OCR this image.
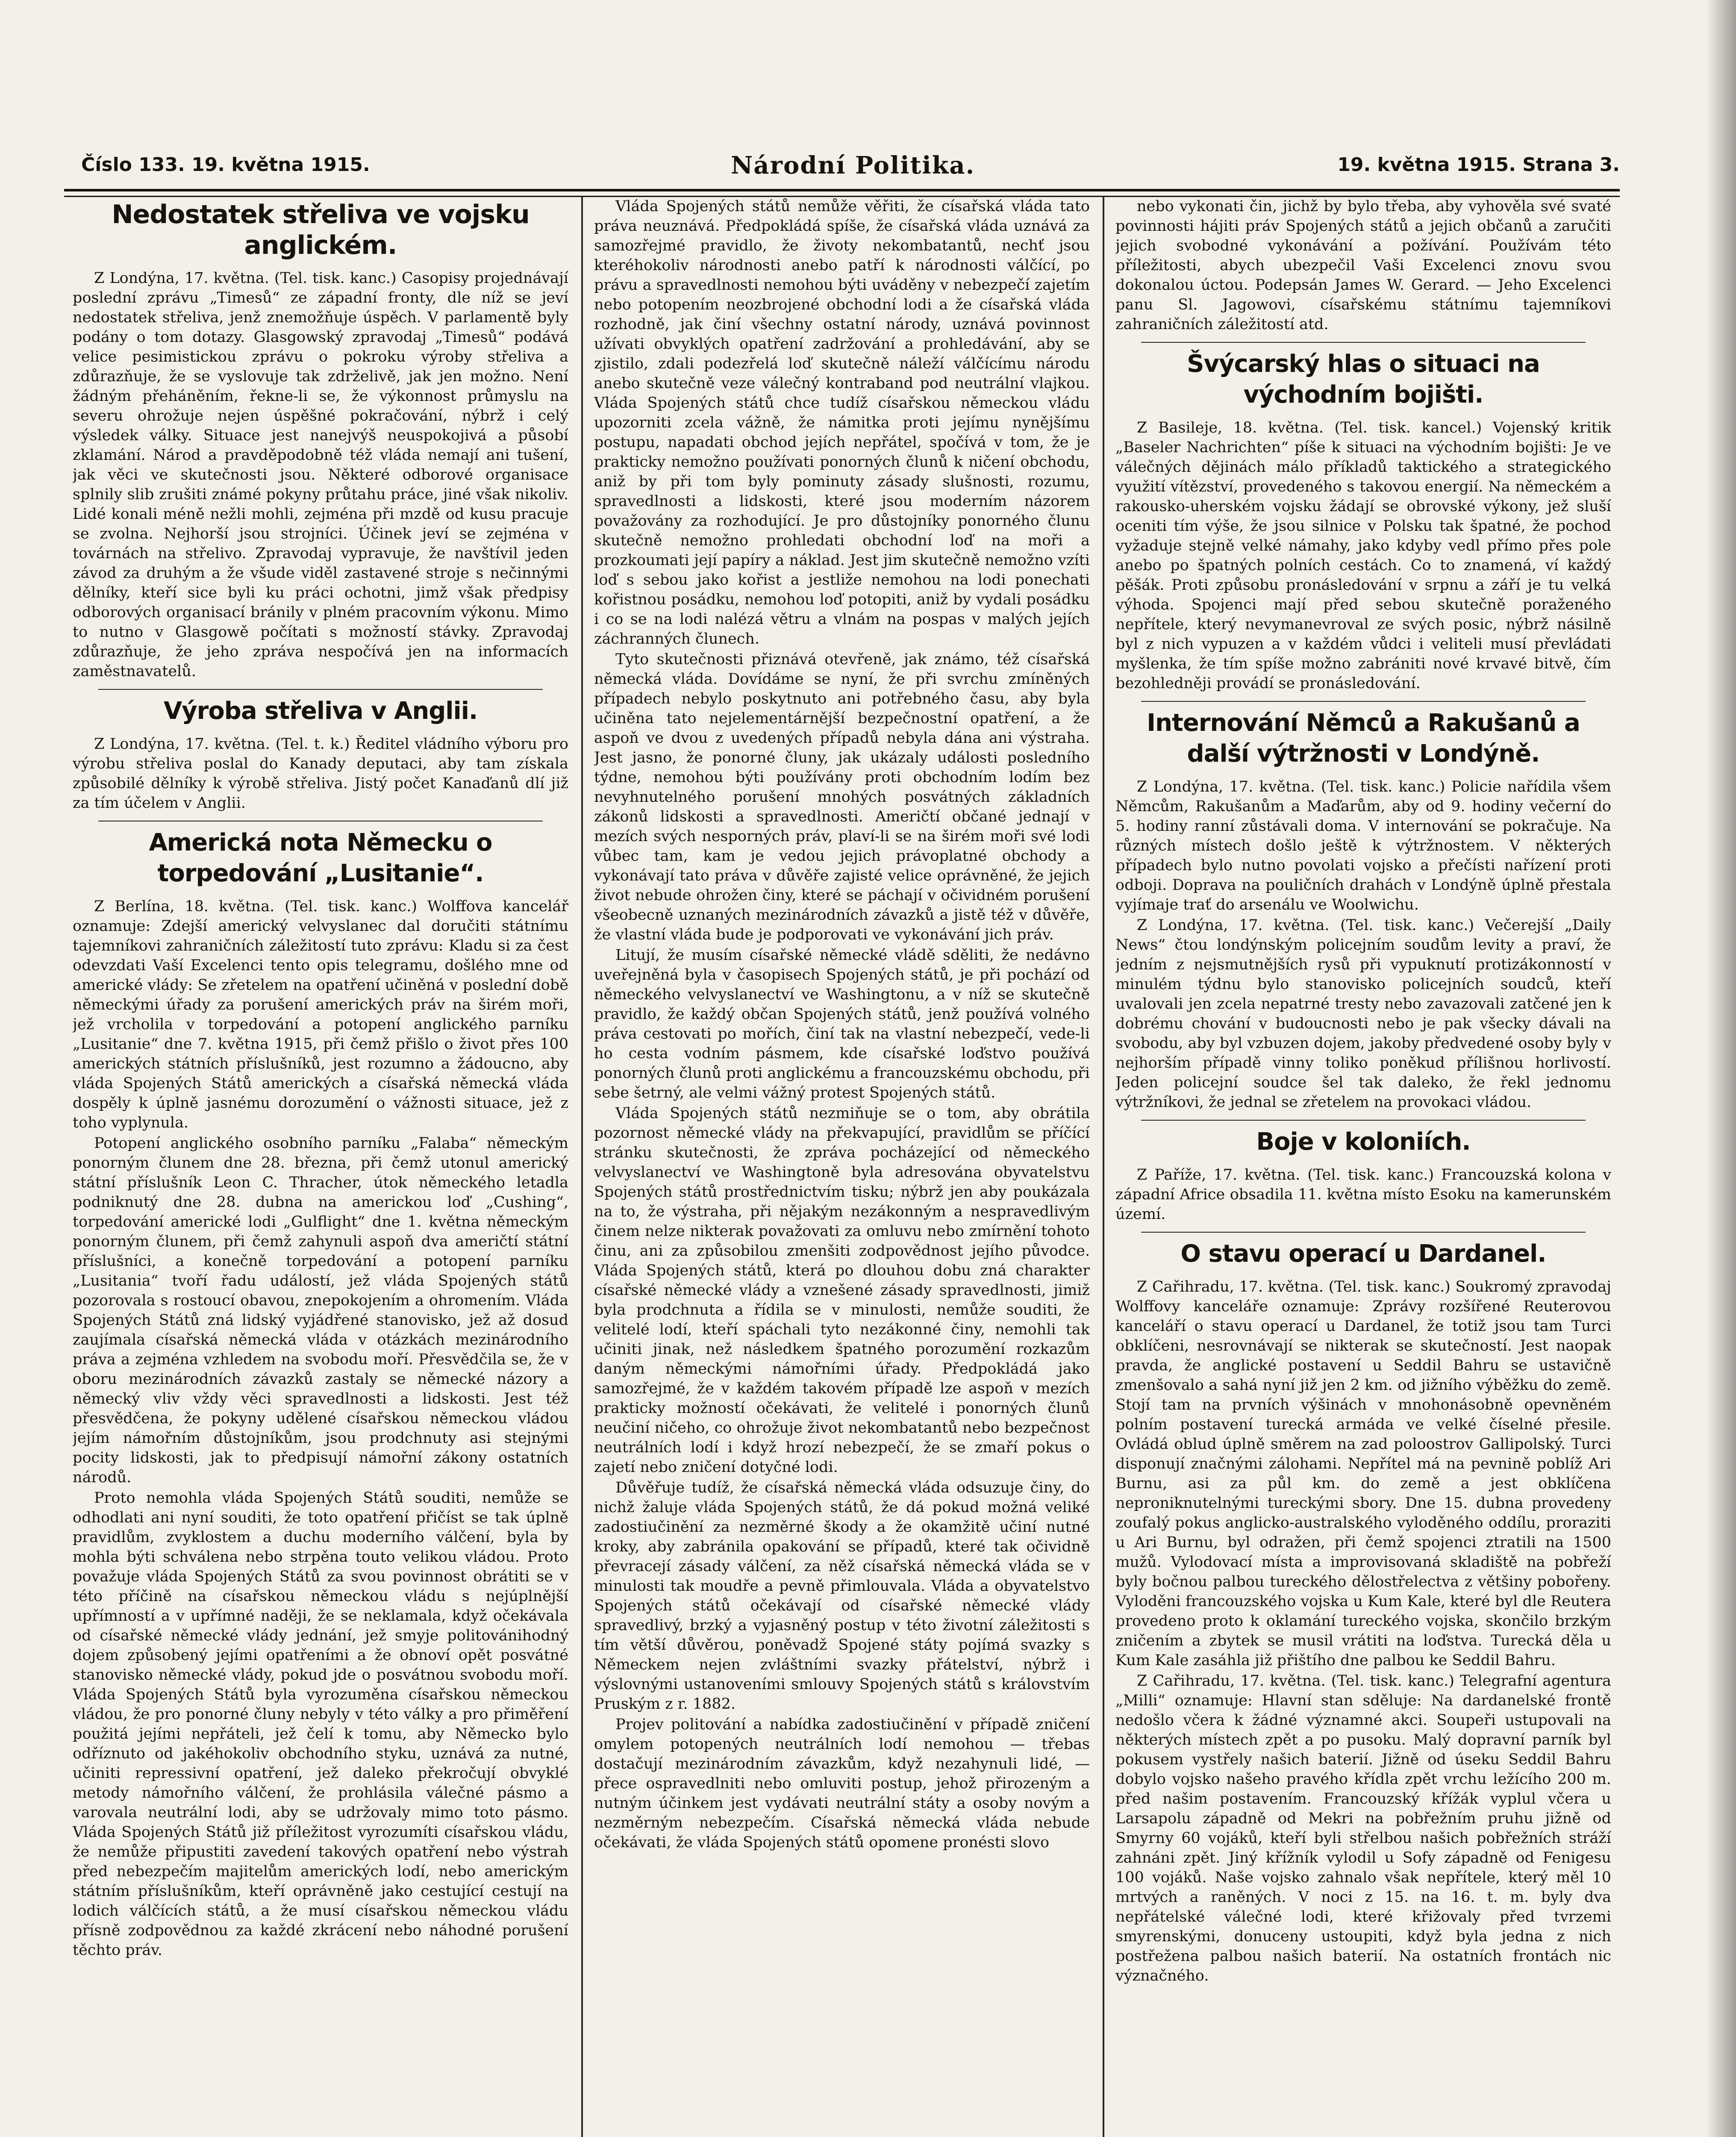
Číslo 133. 19. května 1915.	Národní Politika.	19. května 1915. Strana 3.
Nedostatek střeliva ve vojsku anglickém.

Z Londýna, 17. května. (Tel. tisk. kanc.) Casopisy projednávají poslední zprávu „Timesů“ ze západní fronty, dle níž se jeví nedostatek střeliva, jenž znemožňuje úspěch. V parlamentě byly podány o tom dotazy. Glasgowský zpravodaj „Timesů“ podává velice pesimistickou zprávu o pokroku výroby střeliva a zdůrazňuje, že se vyslovuje tak zdrželivě, jak jen možno. Není žádným přeháněním, řekne-li se, že výkonnost průmyslu na severu ohrožuje nejen úspěšné pokračování, nýbrž i celý výsledek války. Situace jest nanejvýš neuspokojivá a působí zklamání. Národ a pravděpodobně též vláda nemají ani tušení, jak věci ve skutečnosti jsou. Některé odborové organisace splnily slib zrušiti známé pokyny průtahu práce, jiné však nikoliv. Lidé konali méně nežli mohli, zejména při mzdě od kusu pracuje se zvolna. Nejhorší jsou strojníci. Účinek jeví se zejména v továrnách na střelivo. Zpravodaj vypravuje, že navštívil jeden závod za druhým a že všude viděl zastavené stroje s nečinnými dělníky, kteří sice byli ku práci ochotni, jimž však předpisy odborových organisací bránily v plném pracovním výkonu. Mimo to nutno v Glasgowě počítati s možností stávky. Zpravodaj zdůrazňuje, že jeho zpráva nespočívá jen na informacích zaměstnavatelů.

Výroba střeliva v Anglii.

Z Londýna, 17. května. (Tel. t. k.) Ředitel vládního výboru pro výrobu střeliva poslal do Kanady deputaci, aby tam získala způsobilé dělníky k výrobě střeliva. Jistý počet Kanaďanů dlí již za tím účelem v Anglii.

Americká nota Německu o torpedování „Lusitanie“.

Z Berlína, 18. května. (Tel. tisk. kanc.) Wolffova kancelář oznamuje: Zdejší americký velvyslanec dal doručiti státnímu tajemníkovi zahraničních záležitostí tuto zprávu: Kladu si za čest odevzdati Vaší Excelenci tento opis telegramu, došlého mne od americké vlády: Se zřetelem na opatření učiněná v poslední době německými úřady za porušení amerických práv na širém moři, jež vrcholila v torpedování a potopení anglického parníku „Lusitanie“ dne 7. května 1915, při čemž přišlo o život přes 100 amerických státních příslušníků, jest rozumno a žádoucno, aby vláda Spojených Států amerických a císařská německá vláda dospěly k úplně jasnému dorozumění o vážnosti situace, jež z toho vyplynula.

Potopení anglického osobního parníku „Falaba“ německým ponorným člunem dne 28. března, při čemž utonul americký státní příslušník Leon C. Thracher, útok německého letadla podniknutý dne 28. dubna na americkou loď „Cushing“, torpedování americké lodi „Gulflight“ dne 1. května německým ponorným člunem, při čemž zahynuli aspoň dva američtí státní příslušníci, a konečně torpedování a potopení parníku „Lusitania“ tvoří řadu událostí, jež vláda Spojených států pozorovala s rostoucí obavou, znepokojením a ohromením. Vláda Spojených Států zná lidský vyjádřené stanovisko, jež až dosud zaujímala císařská německá vláda v otázkách mezinárodního práva a zejména vzhledem na svobodu moří. Přesvědčila se, že v oboru mezinárodních závazků zastaly se německé názory a německý vliv vždy věci spravedlnosti a lidskosti. Jest též přesvědčena, že pokyny udělené císařskou německou vládou jejím námořním důstojníkům, jsou prodchnuty asi stejnými pocity lidskosti, jak to předpisují námořní zákony ostatních národů.

Proto nemohla vláda Spojených Států souditi, nemůže se odhodlati ani nyní souditi, že toto opatření přičíst se tak úplně pravidlům, zvyklostem a duchu moderního válčení, byla by mohla býti schválena nebo strpěna touto velikou vládou. Proto považuje vláda Spojených Států za svou povinnost obrátiti se v této příčině na císařskou německou vládu s nejúplnější upřímností a v upřímné naději, že se neklamala, když očekávala od císařské německé vlády jednání, jež smyje politovánihodný dojem způsobený jejími opatřeními a že obnoví opět posvátné stanovisko německé vlády, pokud jde o posvátnou svobodu moří. Vláda Spojených Států byla vyrozuměna císařskou německou vládou, že pro ponorné čluny nebyly v této války a pro přiměření použitá jejími nepřáteli, jež čelí k tomu, aby Německo bylo odříznuto od jakéhokoliv obchodního styku, uznává za nutné, učiniti repressivní opatření, jež daleko překročují obvyklé metody námořního válčení, že prohlásila válečné pásmo a varovala neutrální lodi, aby se udržovaly mimo toto pásmo. Vláda Spojených Států již příležitost vyrozumíti císařskou vládu, že nemůže připustiti zavedení takových opatření nebo výstrah před nebezpečím majitelům amerických lodí, nebo americkým státním příslušníkům, kteří oprávněně jako cestující cestují na lodich válčících států, a že musí císařskou německou vládu přísně zodpovědnou za každé zkrácení nebo náhodné porušení těchto práv.

Vláda Spojených států nemůže věřiti, že císařská vláda tato práva neuznává. Předpokládá spíše, že císařská vláda uznává za samozřejmé pravidlo, že životy nekombatantů, nechť jsou kteréhokoliv národnosti anebo patří k národnosti válčící, po právu a spravedlnosti nemohou býti uváděny v nebezpečí zajetím nebo potopením neozbrojené obchodní lodi a že císařská vláda rozhodně, jak činí všechny ostatní národy, uznává povinnost užívati obvyklých opatření zadržování a prohledávání, aby se zjistilo, zdali podezřelá loď skutečně náleží válčícímu národu anebo skutečně veze válečný kontraband pod neutrální vlajkou. Vláda Spojených států chce tudíž císařskou německou vládu upozorniti zcela vážně, že námitka proti jejímu nynějšímu postupu, napadati obchod jejích nepřátel, spočívá v tom, že je prakticky nemožno používati ponorných člunů k ničení obchodu, aniž by při tom byly pominuty zásady slušnosti, rozumu, spravedlnosti a lidskosti, které jsou moderním názorem považovány za rozhodující. Je pro důstojníky ponorného člunu skutečně nemožno prohledati obchodní loď na moři a prozkoumati její papíry a náklad. Jest jim skutečně nemožno vzíti loď s sebou jako kořist a jestliže nemohou na lodi ponechati kořistnou posádku, nemohou loď potopiti, aniž by vydali posádku i co se na lodi nalézá větru a vlnám na pospas v malých jejích záchranných člunech.

Tyto skutečnosti přiznává otevřeně, jak známo, též císařská německá vláda. Dovídáme se nyní, že při svrchu zmíněných případech nebylo poskytnuto ani potřebného času, aby byla učiněna tato nejelementárnější bezpečnostní opatření, a že aspoň ve dvou z uvedených případů nebyla dána ani výstraha. Jest jasno, že ponorné čluny, jak ukázaly události posledního týdne, nemohou býti používány proti obchodním lodím bez nevyhnutelného porušení mnohých posvátných základních zákonů lidskosti a spravedlnosti. Američtí občané jednají v mezích svých nesporných práv, plaví-li se na širém moři své lodi vůbec tam, kam je vedou jejich právoplatné obchody a vykonávají tato práva v důvěře zajisté velice oprávněné, že jejich život nebude ohrožen činy, které se páchají v očividném porušení všeobecně uznaných mezinárodních závazků a jistě též v důvěře, že vlastní vláda bude je podporovati ve vykonávání jich práv.

Litují, že musím císařské německé vládě sděliti, že nedávno uveřejněná byla v časopisech Spojených států, je při pochází od německého velvyslanectví ve Washingtonu, a v níž se skutečně pravidlo, že každý občan Spojených států, jenž používá volného práva cestovati po mořích, činí tak na vlastní nebezpečí, vede-li ho cesta vodním pásmem, kde císařské loďstvo používá ponorných člunů proti anglickému a francouzskému obchodu, při sebe šetrný, ale velmi vážný protest Spojených států.

Vláda Spojených států nezmiňuje se o tom, aby obrátila pozornost německé vlády na překvapující, pravidlům se příčící stránku skutečnosti, že zpráva pocházející od německého velvyslanectví ve Washingtoně byla adresována obyvatelstvu Spojených států prostřednictvím tisku; nýbrž jen aby poukázala na to, že výstraha, při nějakým nezákonným a nespravedlivým činem nelze nikterak považovati za omluvu nebo zmírnění tohoto činu, ani za způsobilou zmenšiti zodpovědnost jejího původce. Vláda Spojených států, která po dlouhou dobu zná charakter císařské německé vlády a vznešené zásady spravedlnosti, jimiž byla prodchnuta a řídila se v minulosti, nemůže souditi, že velitelé lodí, kteří spáchali tyto nezákonné činy, nemohli tak učiniti jinak, než následkem špatného porozumění rozkazům daným německými námořními úřady. Předpokládá jako samozřejmé, že v každém takovém případě lze aspoň v mezích prakticky možností očekávati, že velitelé i ponorných člunů neučiní ničeho, co ohrožuje život nekombatantů nebo bezpečnost neutrálních lodí i když hrozí nebezpečí, že se zmaří pokus o zajetí nebo zničení dotyčné lodi.

Důvěřuje tudíž, že císařská německá vláda odsuzuje činy, do nichž žaluje vláda Spojených států, že dá pokud možná veliké zadostiučinění za nezměrné škody a že okamžitě učiní nutné kroky, aby zabránila opakování se případů, které tak očividně převracejí zásady válčení, za něž císařská německá vláda se v minulosti tak moudře a pevně přimlouvala. Vláda a obyvatelstvo Spojených států očekávají od císařské německé vlády spravedlivý, brzký a vyjasněný postup v této životní záležitosti s tím větší důvěrou, poněvadž Spojené státy pojímá svazky s Německem nejen zvláštními svazky přátelství, nýbrž i výslovnými ustanoveními smlouvy Spojených států s královstvím Pruským z r. 1882.

Projev politování a nabídka zadostiučinění v případě zničení omylem potopených neutrálních lodí nemohou — třebas dostačují mezinárodním závazkům, když nezahynuli lidé, — přece ospravedlniti nebo omluviti postup, jehož přirozeným a nutným účinkem jest vydávati neutrální státy a osoby novým a nezměrným nebezpečím. Císařská německá vláda nebude očekávati, že vláda Spojených států opomene pronésti slovo

nebo vykonati čin, jichž by bylo třeba, aby vyhověla své svaté povinnosti hájiti práv Spojených států a jejich občanů a zaručiti jejich svobodné vykonávání a požívání. Používám této příležitosti, abych ubezpečil Vaši Excelenci znovu svou dokonalou úctou. Podepsán James W. Gerard. — Jeho Excelenci panu Sl. Jagowovi, císařskému státnímu tajemníkovi zahraničních záležitostí atd.

Švýcarský hlas o situaci na východním bojišti.

Z Basileje, 18. května. (Tel. tisk. kancel.) Vojenský kritik „Baseler Nachrichten“ píše k situaci na východním bojišti: Je ve válečných dějinách málo příkladů taktického a strategického využití vítězství, provedeného s takovou energií. Na německém a rakousko-uherském vojsku žádají se obrovské výkony, jež sluší oceniti tím výše, že jsou silnice v Polsku tak špatné, že pochod vyžaduje stejně velké námahy, jako kdyby vedl přímo přes pole anebo po špatných polních cestách. Co to znamená, ví každý pěšák. Proti způsobu pronásledování v srpnu a září je tu velká výhoda. Spojenci mají před sebou skutečně poraženého nepřítele, který nevymanevroval ze svých posic, nýbrž násilně byl z nich vypuzen a v každém vůdci i veliteli musí převládati myšlenka, že tím spíše možno zabrániti nové krvavé bitvě, čím bezohledněji provádí se pronásledování.

Internování Němců a Rakušanů a další výtržnosti v Londýně.

Z Londýna, 17. května. (Tel. tisk. kanc.) Policie nařídila všem Němcům, Rakušanům a Maďarům, aby od 9. hodiny večerní do 5. hodiny ranní zůstávali doma. V internování se pokračuje. Na různých místech došlo ještě k výtržnostem. V některých případech bylo nutno povolati vojsko a přečísti nařízení proti odboji. Doprava na pouličních drahách v Londýně úplně přestala vyjímaje trať do arsenálu ve Woolwichu.

Z Londýna, 17. května. (Tel. tisk. kanc.) Večerejší „Daily News“ čtou londýnským policejním soudům levity a praví, že jedním z nejsmutnějších rysů při vypuknutí protizákonností v minulém týdnu bylo stanovisko policejních soudců, kteří uvalovali jen zcela nepatrné tresty nebo zavazovali zatčené jen k dobrému chování v budoucnosti nebo je pak všecky dávali na svobodu, aby byl vzbuzen dojem, jakoby předvedené osoby byly v nejhorším případě vinny toliko poněkud přílišnou horlivostí. Jeden policejní soudce šel tak daleko, že řekl jednomu výtržníkovi, že jednal se zřetelem na provokaci vládou.

Boje v koloniích.

Z Paříže, 17. května. (Tel. tisk. kanc.) Francouzská kolona v západní Africe obsadila 11. května místo Esoku na kamerunském území.

O stavu operací u Dardanel.

Z Cařihradu, 17. května. (Tel. tisk. kanc.) Soukromý zpravodaj Wolffovy kanceláře oznamuje: Zprávy rozšířené Reuterovou kanceláří o stavu operací u Dardanel, že totiž jsou tam Turci obklíčeni, nesrovnávají se nikterak se skutečností. Jest naopak pravda, že anglické postavení u Seddil Bahru se ustavičně zmenšovalo a sahá nyní již jen 2 km. od jižního výběžku do země. Stojí tam na prvních výšinách v mnohonásobně opevněném polním postavení turecká armáda ve velké číselné přesile. Ovládá oblud úplně směrem na zad poloostrov Gallipolský. Turci disponují značnými zálohami. Nepřítel má na pevnině poblíž Ari Burnu, asi za půl km. do země a jest obklíčena neproniknutelnými tureckými sbory. Dne 15. dubna provedeny zoufalý pokus anglicko-australského vyloděného oddílu, proraziti u Ari Burnu, byl odražen, při čemž spojenci ztratili na 1500 mužů. Vylodovací místa a improvisovaná skladiště na pobřeží byly bočnou palbou tureckého dělostřelectva z většiny pobořeny. Vyloděni francouzského vojska u Kum Kale, které byl dle Reutera provedeno proto k oklamání tureckého vojska, skončilo brzkým zničením a zbytek se musil vrátiti na loďstva. Turecká děla u Kum Kale zasáhla již přištího dne palbou ke Seddil Bahru.

Z Cařihradu, 17. května. (Tel. tisk. kanc.) Telegrafní agentura „Milli“ oznamuje: Hlavní stan sděluje: Na dardanelské frontě nedošlo včera k žádné významné akci. Soupeři ustupovali na některých místech zpět a po pusoku. Malý dopravní parník byl pokusem vystřely našich baterií. Jižně od úseku Seddil Bahru dobylo vojsko našeho pravého křídla zpět vrchu ležícího 200 m. před našim postavením. Francouzský křížák vyplul včera u Larsapolu západně od Mekri na pobřežním pruhu jižně od Smyrny 60 vojáků, kteří byli střelbou našich pobřežních stráží zahnáni zpět. Jiný křížník vylodil u Sofy západně od Fenigesu 100 vojáků. Naše vojsko zahnalo však nepřítele, který měl 10 mrtvých a raněných. V noci z 15. na 16. t. m. byly dva nepřátelské válečné lodi, které křižovaly před tvrzemi smyrenskými, donuceny ustoupiti, když byla jedna z nich postřežena palbou našich baterií. Na ostatních frontách nic význačného.
